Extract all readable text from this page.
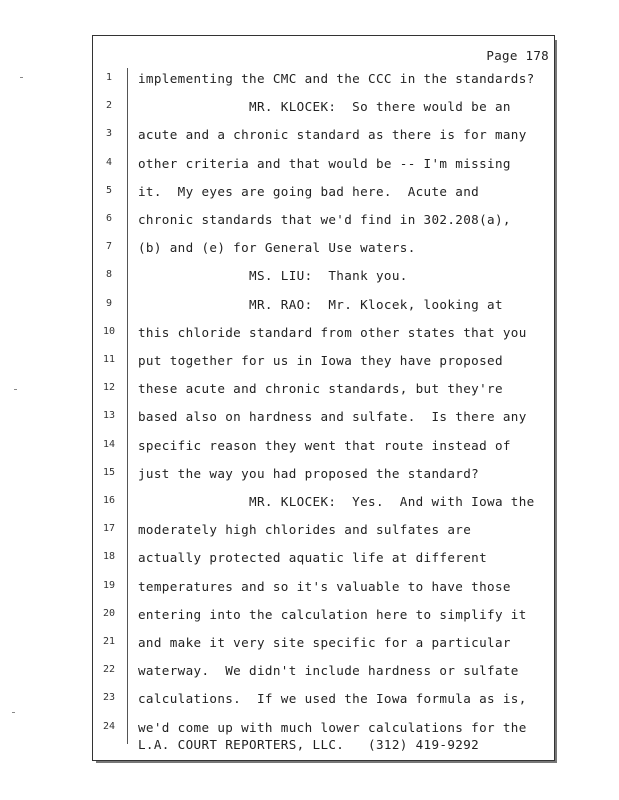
Page 178
1	implementing the CMC and the CCC in the standards?
2	MR. KLOCEK:  So there would be an
3	acute and a chronic standard as there is for many
4	other criteria and that would be -- I'm missing
5	it.  My eyes are going bad here.  Acute and
6	chronic standards that we'd find in 302.208(a),
7	(b) and (e) for General Use waters.
8	MS. LIU:  Thank you.
9	MR. RAO:  Mr. Klocek, looking at
10 this chloride standard from other states that you
11 put together for us in Iowa they have proposed
12 these acute and chronic standards, but they're
13 based also on hardness and sulfate.  Is there any
14 specific reason they went that route instead of
15 just the way you had proposed the standard?
16 MR. KLOCEK:  Yes.  And with Iowa the
17 moderately high chlorides and sulfates are
18 actually protected aquatic life at different
19 temperatures and so it's valuable to have those
20 entering into the calculation here to simplify it
21 and make it very site specific for a particular
22 waterway.  We didn't include hardness or sulfate
23 calculations.  If we used the Iowa formula as is,
24 we'd come up with much lower calculations for the
L.A. COURT REPORTERS, LLC.   (312) 419-9292
